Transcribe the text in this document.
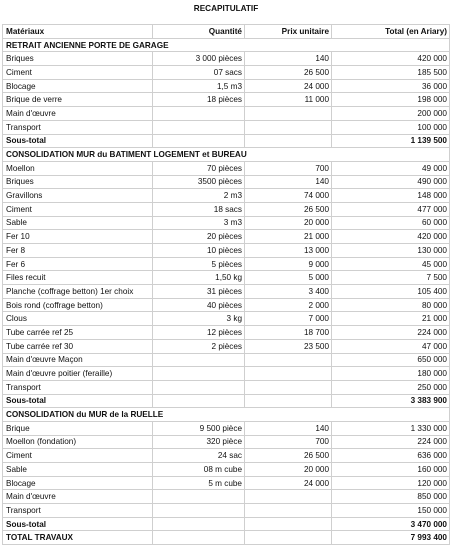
RECAPITULATIF
Matériaux	Quantité	Prix unitaire	Total (en Ariary)
RETRAIT ANCIENNE PORTE DE GARAGE			
Briques	3 000 pièces	140	420 000
Ciment	07 sacs	26 500	185 500
Blocage	1,5 m3	24 000	36 000
Brique de verre	18 pièces	11 000	198 000
Main d'œuvre			200 000
Transport			100 000
Sous-total			1 139 500
CONSOLIDATION MUR du BATIMENT LOGEMENT et BUREAU			
Moellon	70 pièces	700	49 000
Briques	3500 pièces	140	490 000
Gravillons	2 m3	74 000	148 000
Ciment	18 sacs	26 500	477 000
Sable	3 m3	20 000	60 000
Fer 10	20 pièces	21 000	420 000
Fer 8	10 pièces	13 000	130 000
Fer 6	5 pièces	9 000	45 000
Files recuit	1,50 kg	5 000	7 500
Planche (coffrage betton) 1er choix	31 pièces	3 400	105 400
Bois rond (coffrage betton)	40 pièces	2 000	80 000
Clous	3 kg	7 000	21 000
Tube carrée ref 25	12 pièces	18 700	224 000
Tube carrée ref 30	2 pièces	23 500	47 000
Main d'œuvre Maçon			650 000
Main d'œuvre poitier (feraille)			180 000
Transport			250 000
Sous-total			3 383 900
CONSOLIDATION du MUR de la RUELLE			
Brique	9 500 pièce	140	1 330 000
Moellon (fondation)	320 pièce	700	224 000
Ciment	24 sac	26 500	636 000
Sable	08 m cube	20 000	160 000
Blocage	5 m cube	24 000	120 000
Main d'œuvre			850 000
Transport			150 000
Sous-total			3 470 000
TOTAL TRAVAUX			7 993 400
